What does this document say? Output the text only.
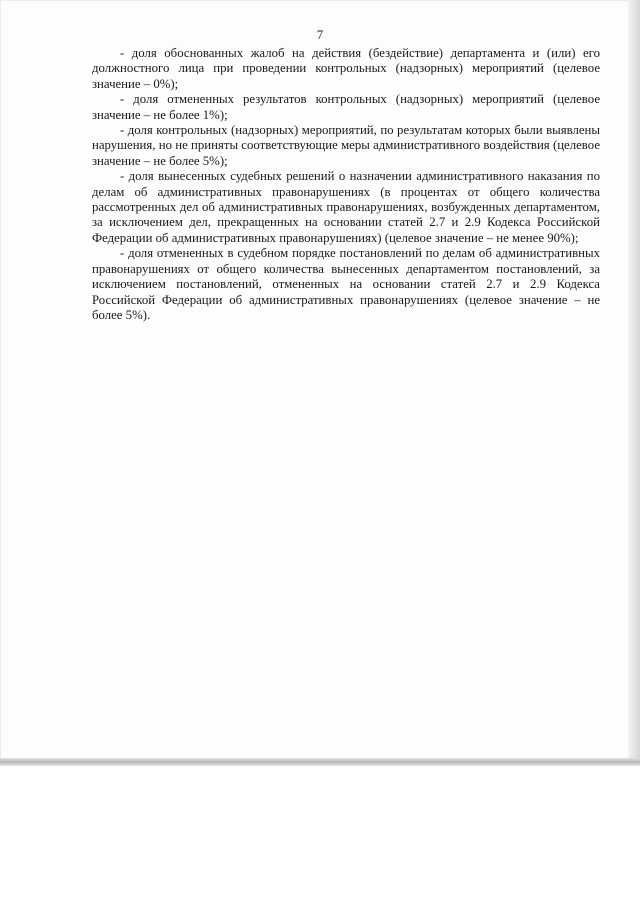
7

- доля обоснованных жалоб на действия (бездействие) департамента и (или) его должностного лица при проведении контрольных (надзорных) мероприятий (целевое значение – 0%);

- доля отмененных результатов контрольных (надзорных) мероприятий (целевое значение – не более 1%);

- доля контрольных (надзорных) мероприятий, по результатам которых были выявлены нарушения, но не приняты соответствующие меры административного воздействия (целевое значение – не более 5%);

- доля вынесенных судебных решений о назначении административного наказания по делам об административных правонарушениях (в процентах от общего количества рассмотренных дел об административных правонарушениях, возбужденных департаментом, за исключением дел, прекращенных на основании статей 2.7 и 2.9 Кодекса Российской Федерации об административных правонарушениях) (целевое значение – не менее 90%);

- доля отмененных в судебном порядке постановлений по делам об административных правонарушениях от общего количества вынесенных департаментом постановлений, за исключением постановлений, отмененных на основании статей 2.7 и 2.9 Кодекса Российской Федерации об административных правонарушениях (целевое значение – не более 5%).
